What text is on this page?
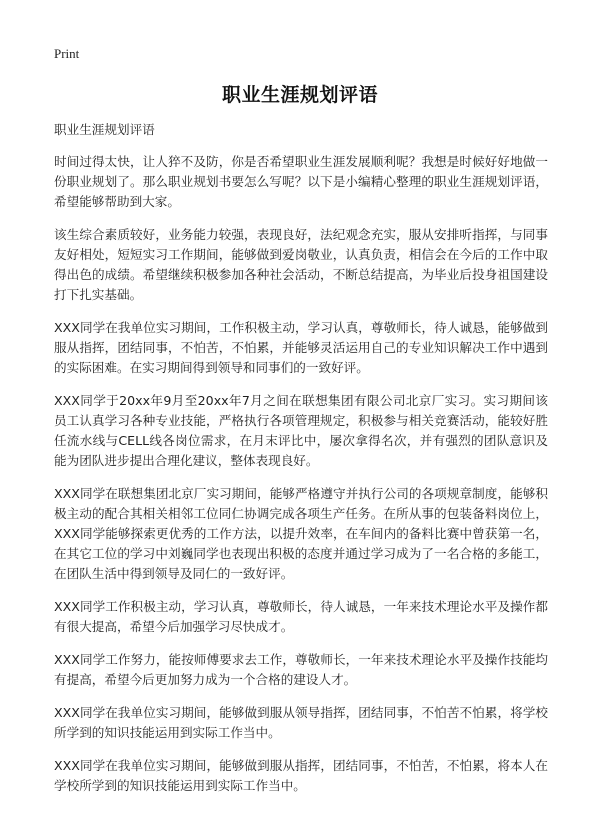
Print
职业生涯规划评语

职业生涯规划评语

时间过得太快，让人猝不及防，你是否希望职业生涯发展顺利呢？我想是时候好好地做一份职业规划了。那么职业规划书要怎么写呢？以下是小编精心整理的职业生涯规划评语，希望能够帮助到大家。

该生综合素质较好，业务能力较强，表现良好，法纪观念充实，服从安排听指挥，与同事友好相处，短短实习工作期间，能够做到爱岗敬业，认真负责，相信会在今后的工作中取得出色的成绩。希望继续积极参加各种社会活动，不断总结提高，为毕业后投身祖国建设打下扎实基础。

XXX同学在我单位实习期间，工作积极主动，学习认真，尊敬师长，待人诚恳，能够做到服从指挥，团结同事，不怕苦，不怕累，并能够灵活运用自己的专业知识解决工作中遇到的实际困难。在实习期间得到领导和同事们的一致好评。

XXX同学于20xx年9月至20xx年7月之间在联想集团有限公司北京厂实习。实习期间该员工认真学习各种专业技能，严格执行各项管理规定，积极参与相关竞赛活动，能较好胜任流水线与CELL线各岗位需求，在月末评比中，屡次拿得名次，并有强烈的团队意识及能为团队进步提出合理化建议，整体表现良好。

XXX同学在联想集团北京厂实习期间，能够严格遵守并执行公司的各项规章制度，能够积极主动的配合其相关相邻工位同仁协调完成各项生产任务。在所从事的包装备料岗位上，XXX同学能够探索更优秀的工作方法，以提升效率，在车间内的备料比赛中曾获第一名，在其它工位的学习中刘巍同学也表现出积极的态度并通过学习成为了一名合格的多能工，在团队生活中得到领导及同仁的一致好评。

XXX同学工作积极主动，学习认真，尊敬师长，待人诚恳，一年来技术理论水平及操作都有很大提高，希望今后加强学习尽快成才。

XXX同学工作努力，能按师傅要求去工作，尊敬师长，一年来技术理论水平及操作技能均有提高，希望今后更加努力成为一个合格的建设人才。

XXX同学在我单位实习期间，能够做到服从领导指挥，团结同事，不怕苦不怕累，将学校所学到的知识技能运用到实际工作当中。

XXX同学在我单位实习期间，能够做到服从指挥，团结同事，不怕苦，不怕累，将本人在学校所学到的知识技能运用到实际工作当中。
